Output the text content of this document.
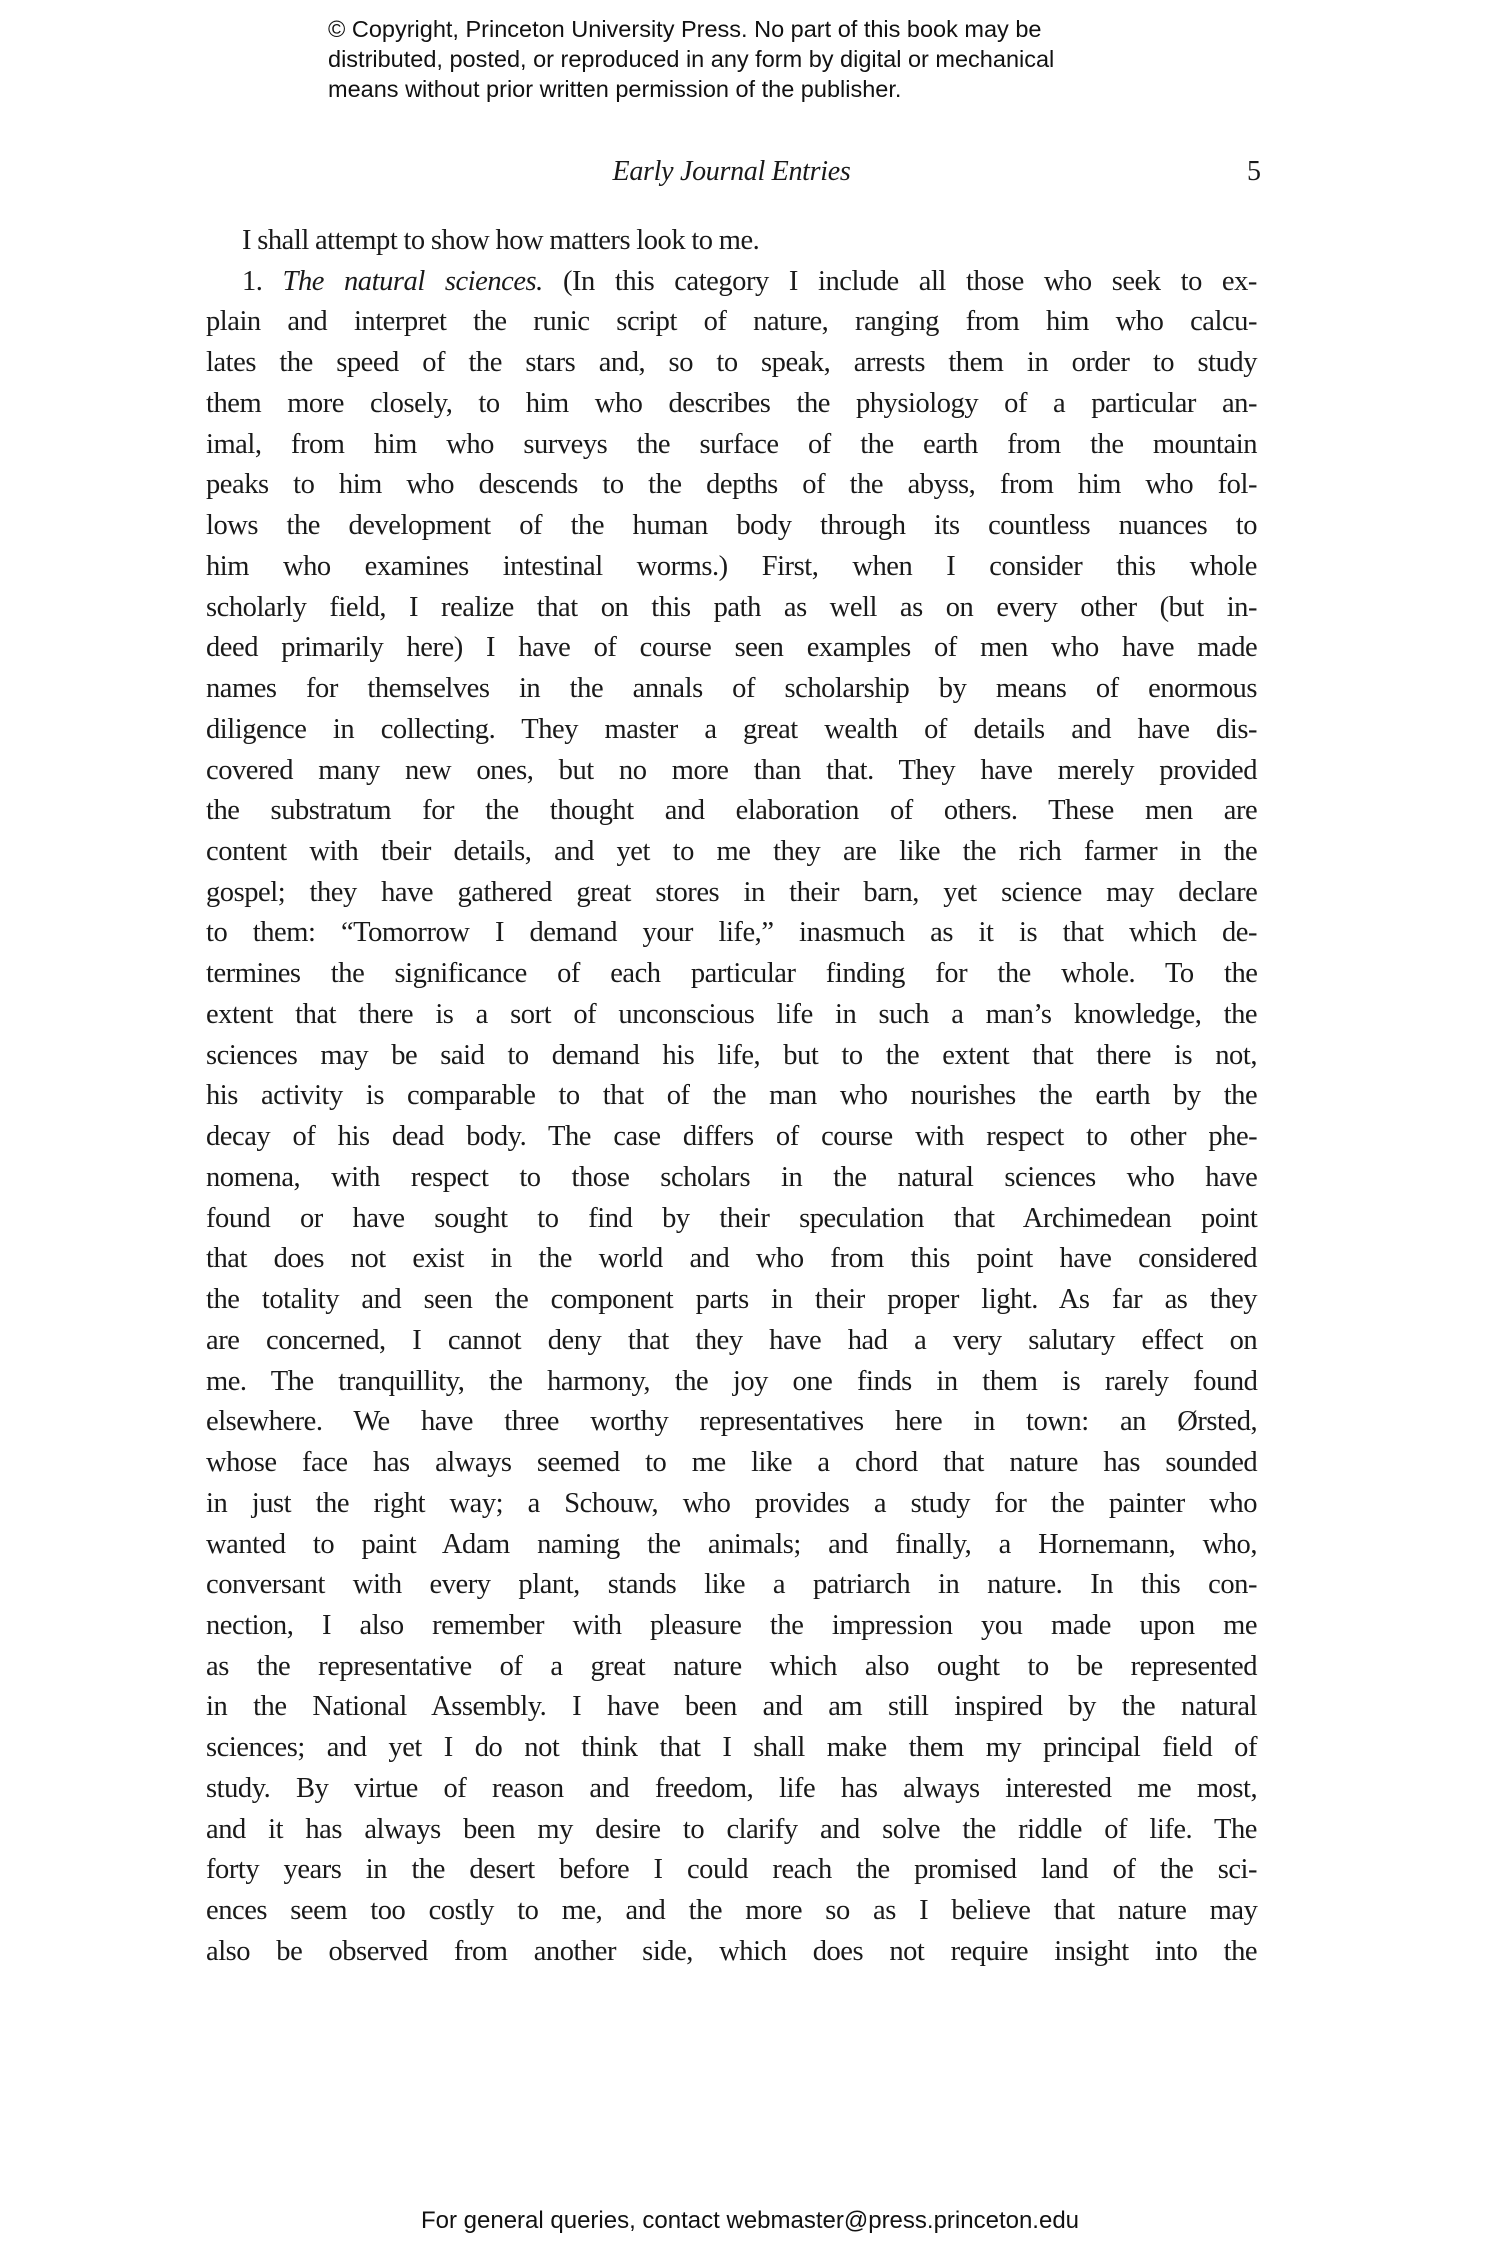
© Copyright, Princeton University Press. No part of this book may be
distributed, posted, or reproduced in any form by digital or mechanical
means without prior written permission of the publisher.
Early Journal Entries	5
I shall attempt to show how matters look to me.
1. The natural sciences. (In this category I include all those who seek to ex-
plain and interpret the runic script of nature, ranging from him who calcu-
lates the speed of the stars and, so to speak, arrests them in order to study
them more closely, to him who describes the physiology of a particular an-
imal, from him who surveys the surface of the earth from the mountain
peaks to him who descends to the depths of the abyss, from him who fol-
lows the development of the human body through its countless nuances to
him who examines intestinal worms.) First, when I consider this whole
scholarly field, I realize that on this path as well as on every other (but in-
deed primarily here) I have of course seen examples of men who have made
names for themselves in the annals of scholarship by means of enormous
diligence in collecting. They master a great wealth of details and have dis-
covered many new ones, but no more than that. They have merely provided
the substratum for the thought and elaboration of others. These men are
content with tbeir details, and yet to me they are like the rich farmer in the
gospel; they have gathered great stores in their barn, yet science may declare
to them: “Tomorrow I demand your life,” inasmuch as it is that which de-
termines the significance of each particular finding for the whole. To the
extent that there is a sort of unconscious life in such a man’s knowledge, the
sciences may be said to demand his life, but to the extent that there is not,
his activity is comparable to that of the man who nourishes the earth by the
decay of his dead body. The case differs of course with respect to other phe-
nomena, with respect to those scholars in the natural sciences who have
found or have sought to find by their speculation that Archimedean point
that does not exist in the world and who from this point have considered
the totality and seen the component parts in their proper light. As far as they
are concerned, I cannot deny that they have had a very salutary effect on
me. The tranquillity, the harmony, the joy one finds in them is rarely found
elsewhere. We have three worthy representatives here in town: an Ørsted,
whose face has always seemed to me like a chord that nature has sounded
in just the right way; a Schouw, who provides a study for the painter who
wanted to paint Adam naming the animals; and finally, a Hornemann, who,
conversant with every plant, stands like a patriarch in nature. In this con-
nection, I also remember with pleasure the impression you made upon me
as the representative of a great nature which also ought to be represented
in the National Assembly. I have been and am still inspired by the natural
sciences; and yet I do not think that I shall make them my principal field of
study. By virtue of reason and freedom, life has always interested me most,
and it has always been my desire to clarify and solve the riddle of life. The
forty years in the desert before I could reach the promised land of the sci-
ences seem too costly to me, and the more so as I believe that nature may
also be observed from another side, which does not require insight into the
For general queries, contact webmaster@press.princeton.edu
